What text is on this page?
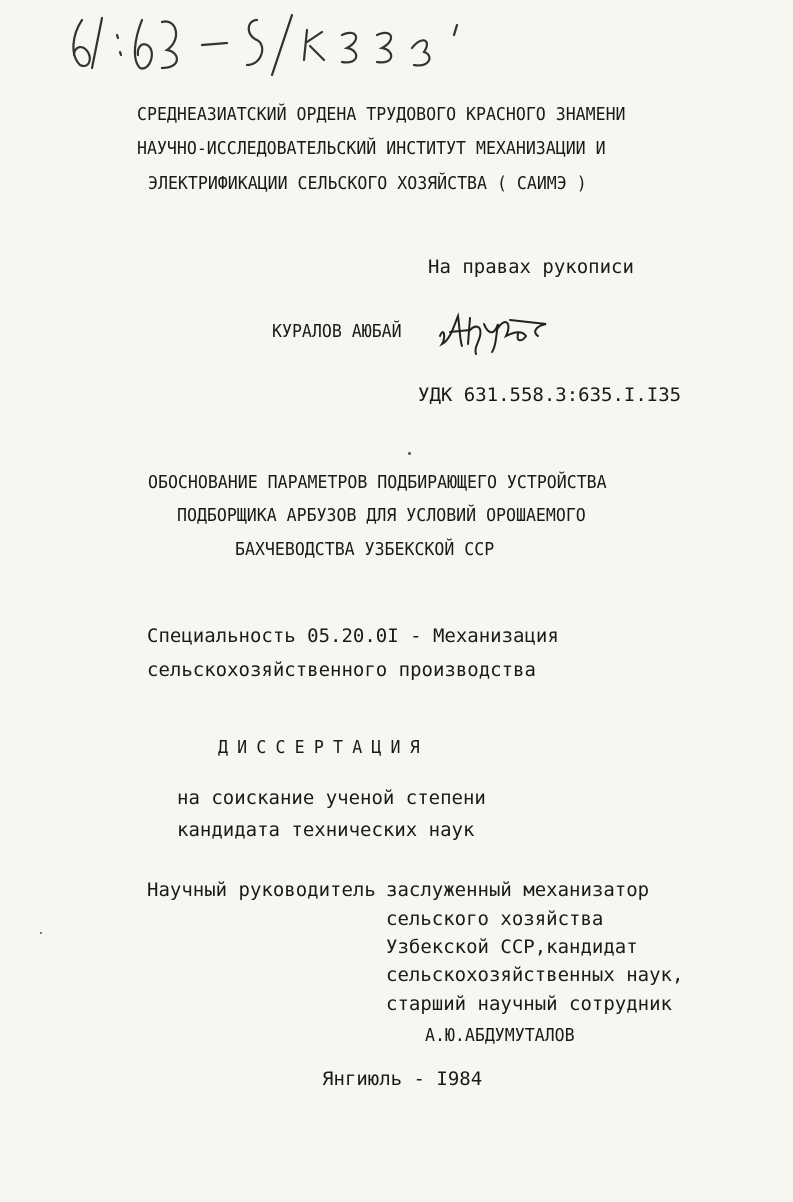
СРЕДНЕАЗИАТСКИЙ ОРДЕНА ТРУДОВОГО КРАСНОГО ЗНАМЕНИ
НАУЧНО-ИССЛЕДОВАТЕЛЬСКИЙ ИНСТИТУТ МЕХАНИЗАЦИИ И
ЭЛЕКТРИФИКАЦИИ СЕЛЬСКОГО ХОЗЯЙСТВА ( САИМЭ )
На правах рукописи
КУРАЛОВ АЮБАЙ
УДК 631.558.3:635.I.I35
ОБОСНОВАНИЕ ПАРАМЕТРОВ ПОДБИРАЮЩЕГО УСТРОЙСТВА
ПОДБОРЩИКА АРБУЗОВ ДЛЯ УСЛОВИЙ ОРОШАЕМОГО
БАХЧЕВОДСТВА УЗБЕКСКОЙ ССР
Специальность 05.20.0I - Механизация
сельскохозяйственного производства
ДИССЕРТАЦИЯ
на соискание ученой степени
кандидата технических наук
Научный руководитель -
заслуженный механизатор
сельского хозяйства
Узбекской ССР,кандидат
сельскохозяйственных наук,
старший научный сотрудник
А.Ю.АБДУМУТАЛОВ
Янгиюль - I984
